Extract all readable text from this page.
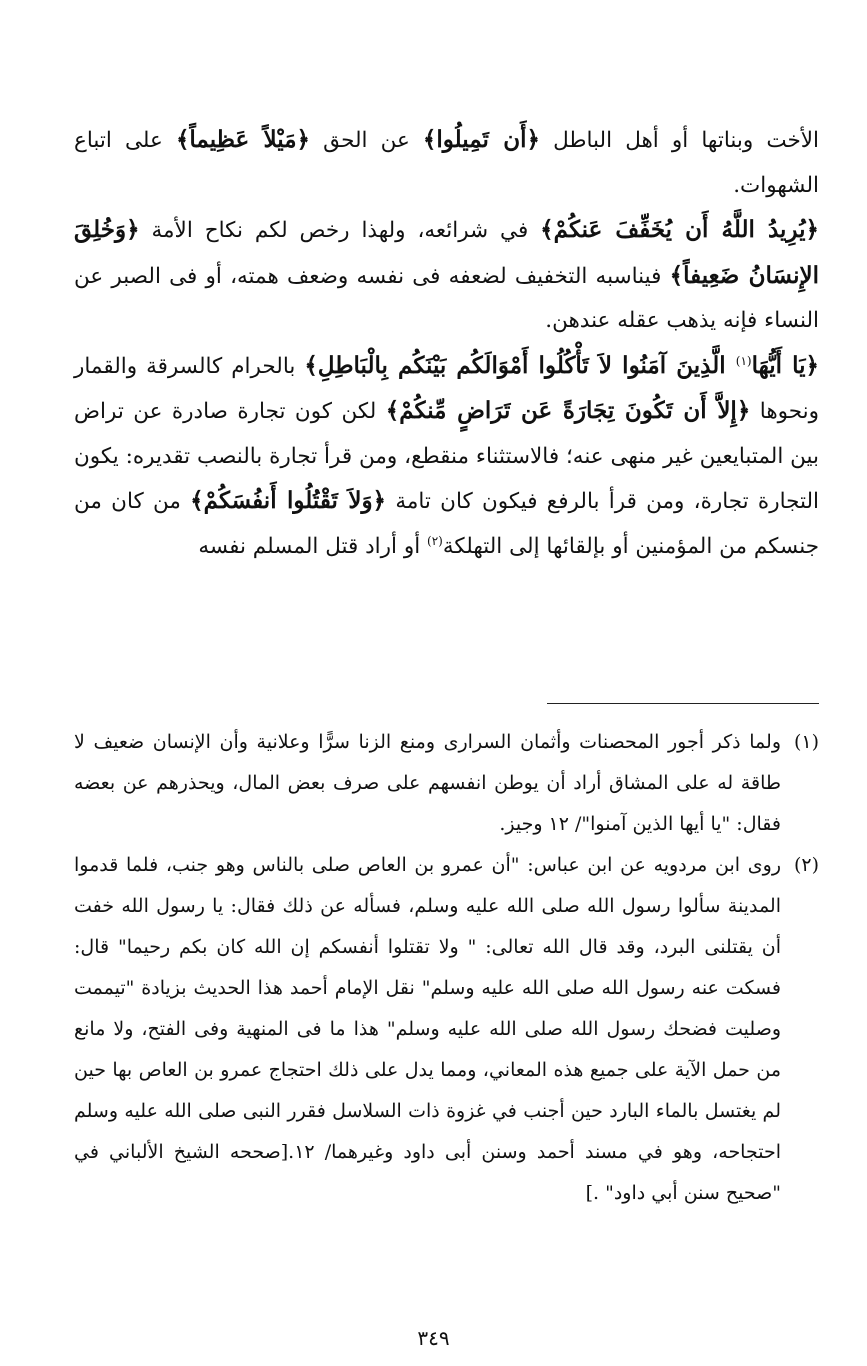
الأخت وبناتها أو أهل الباطل ﴿أَن تَمِيلُوا﴾ عن الحق ﴿مَيْلاً عَظِيماً﴾ على اتباع الشهوات.

﴿يُرِيدُ اللَّهُ أَن يُخَفِّفَ عَنكُمْ﴾ في شرائعه، ولهذا رخص لكم نكاح الأمة ﴿وَخُلِقَ الإِنسَانُ ضَعِيفاً﴾ فيناسبه التخفيف لضعفه فى نفسه وضعف همته، أو فى الصبر عن النساء فإنه يذهب عقله عندهن.

﴿يَا أَيُّهَا$^{(١)}$ الَّذِينَ آمَنُوا لاَ تَأْكُلُوا أَمْوَالَكُم بَيْنَكُم بِالْبَاطِلِ﴾ بالحرام كالسرقة والقمار ونحوها ﴿إِلاَّ أَن تَكُونَ تِجَارَةً عَن تَرَاضٍ مِّنكُمْ﴾ لكن كون تجارة صادرة عن تراض بين المتبايعين غير منهى عنه؛ فالاستثناء منقطع، ومن قرأ تجارة بالنصب تقديره: يكون التجارة تجارة، ومن قرأ بالرفع فيكون كان تامة ﴿وَلاَ تَقْتُلُوا أَنفُسَكُمْ﴾ من كان من جنسكم من المؤمنين أو بإلقائها إلى التهلكة$^{(٢)}$ أو أراد قتل المسلم نفسه

(١)
ولما ذكر أجور المحصنات وأثمان السرارى ومنع الزنا سرًّا وعلانية وأن الإنسان ضعيف لا طاقة له على المشاق أراد أن يوطن انفسهم على صرف بعض المال، ويحذرهم عن بعضه فقال: "يا أيها الذين آمنوا"/ ١٢ وجيز.
(٢)
روى ابن مردويه عن ابن عباس: "أن عمرو بن العاص صلى بالناس وهو جنب، فلما قدموا المدينة سألوا رسول الله صلى الله عليه وسلم، فسأله عن ذلك فقال: يا رسول الله خفت أن يقتلنى البرد، وقد قال الله تعالى: " ولا تقتلوا أنفسكم إن الله كان بكم رحيما" قال: فسكت عنه رسول الله صلى الله عليه وسلم" نقل الإمام أحمد هذا الحديث بزيادة "تيممت وصليت فضحك رسول الله صلى الله عليه وسلم" هذا ما فى المنهية وفى الفتح، ولا مانع من حمل الآية على جميع هذه المعاني، ومما يدل على ذلك احتجاج عمرو بن العاص بها حين لم يغتسل بالماء البارد حين أجنب في غزوة ذات السلاسل فقرر النبى صلى الله عليه وسلم احتجاحه، وهو في مسند أحمد وسنن أبى داود وغيرهما/ ١٢.[صححه الشيخ الألباني في "صحيح سنن أبي داود" .]
٣٤٩
